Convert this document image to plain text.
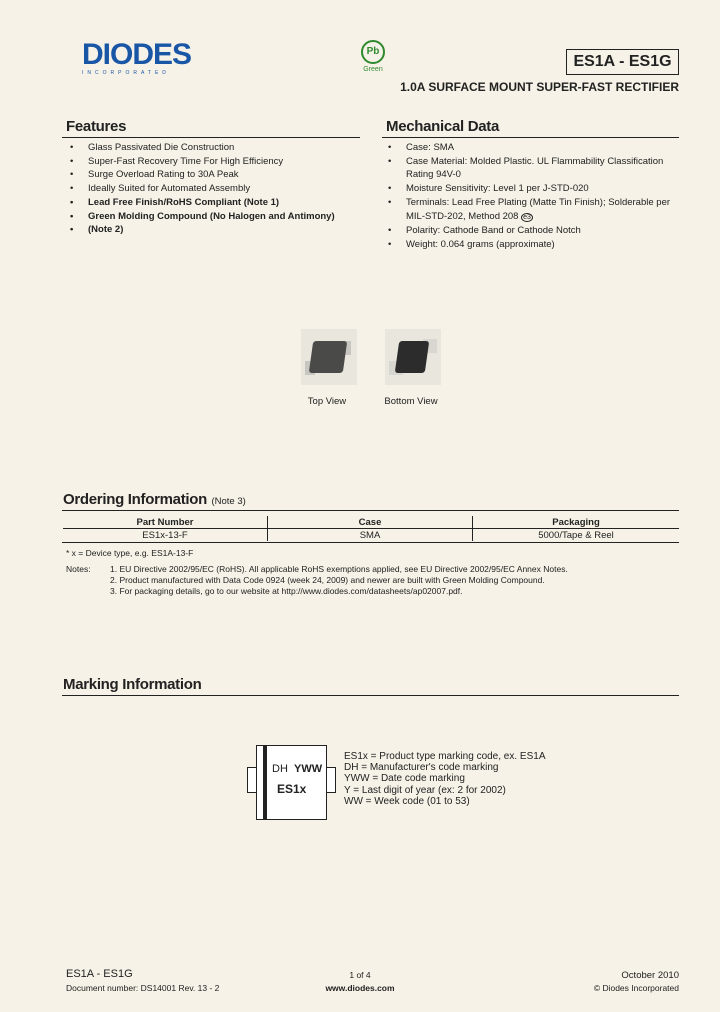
DIODES
INCORPORATED
Pb
Green	ES1A - ES1G
1.0A SURFACE MOUNT SUPER-FAST RECTIFIER
Features
• Glass Passivated Die Construction
• Super-Fast Recovery Time For High Efficiency
• Surge Overload Rating to 30A Peak
• Ideally Suited for Automated Assembly
• Lead Free Finish/RoHS Compliant (Note 1)
• Green Molding Compound (No Halogen and Antimony)
• (Note 2)
Mechanical Data
• Case: SMA
• Case Material: Molded Plastic. UL Flammability Classification
Rating 94V-0
• Moisture Sensitivity: Level 1 per J-STD-020
• Terminals: Lead Free Plating (Matte Tin Finish); Solderable per
MIL-STD-202, Method 208 e3
• Polarity: Cathode Band or Cathode Notch
• Weight: 0.064 grams (approximate)
Top View	Bottom View
Ordering Information (Note 3)
Part Number	Case	Packaging
ES1x-13-F	SMA	5000/Tape & Reel
* x = Device type, e.g. ES1A-13-F
Notes: 1. EU Directive 2002/95/EC (RoHS). All applicable RoHS exemptions applied, see EU Directive 2002/95/EC Annex Notes.
2. Product manufactured with Data Code 0924 (week 24, 2009) and newer are built with Green Molding Compound.
3. For packaging details, go to our website at http://www.diodes.com/datasheets/ap02007.pdf.
Marking Information
DH YWW
ES1x
ES1x = Product type marking code, ex. ES1A
DH = Manufacturer's code marking
YWW = Date code marking
Y = Last digit of year (ex: 2 for 2002)
WW = Week code (01 to 53)
ES1A - ES1G
Document number: DS14001 Rev. 13 - 2
1 of 4
www.diodes.com
October 2010
© Diodes Incorporated
